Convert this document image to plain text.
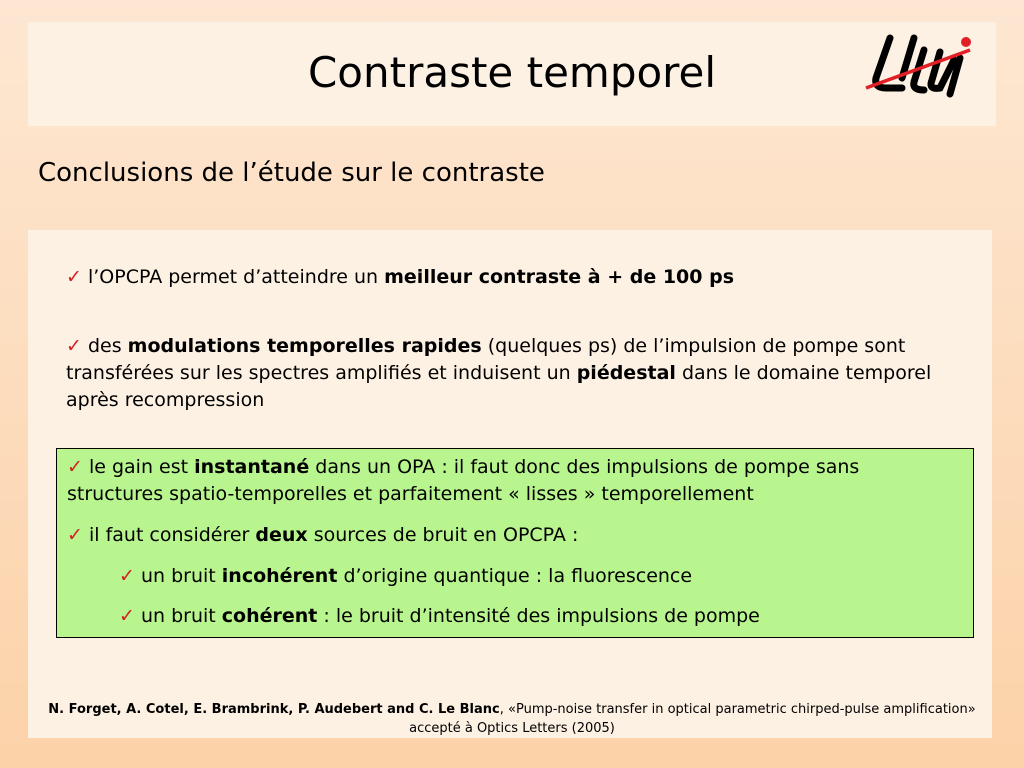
Contraste temporel
Conclusions de l’étude sur le contraste

✓ l’OPCPA permet d’atteindre un meilleur contraste à + de 100 ps

✓ des modulations temporelles rapides (quelques ps) de l’impulsion de pompe sont transférées sur les spectres amplifiés et induisent un piédestal dans le domaine temporel après recompression

✓ le gain est instantané dans un OPA : il faut donc des impulsions de pompe sans structures spatio-temporelles et parfaitement « lisses » temporellement

✓ il faut considérer deux sources de bruit en OPCPA :

✓ un bruit incohérent d’origine quantique : la fluorescence

✓ un bruit cohérent : le bruit d’intensité des impulsions de pompe

N. Forget, A. Cotel, E. Brambrink, P. Audebert and C. Le Blanc, «Pump-noise transfer in optical parametric chirped-pulse amplification»
accepté à Optics Letters (2005)
